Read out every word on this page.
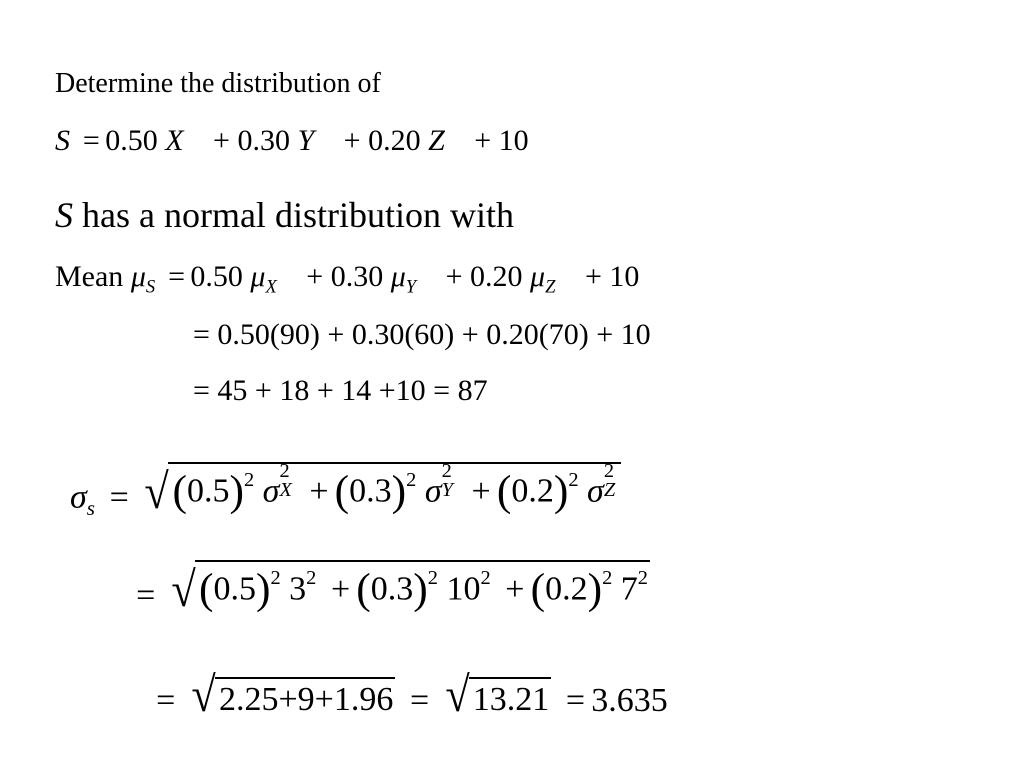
Determine the distribution of
S = 0.50 X + 0.30 Y + 0.20 Z + 10
S has a normal distribution with
Mean $\mu_S = 0.50$ $\mu_X + 0.30$ $\mu_Y + 0.20$ $\mu_Z + 10$
= 0.50(90) + 0.30(60) + 0.20(70) + 10
= 45 + 18 + 14 +10 = 87
$\sigma_s$ = √ $(0.5)^2$ σ
2
$X + (0.3)^2$ σ
2
$Y + (0.2)^2$ σ
2
Z
= √ $(0.5)^2$ $3^2 + (0.3)^2$ $10^2 + (0.2)^2$ $7^2$
= √ 2.25+9+1.96 = √ 13.21 = 3.635
